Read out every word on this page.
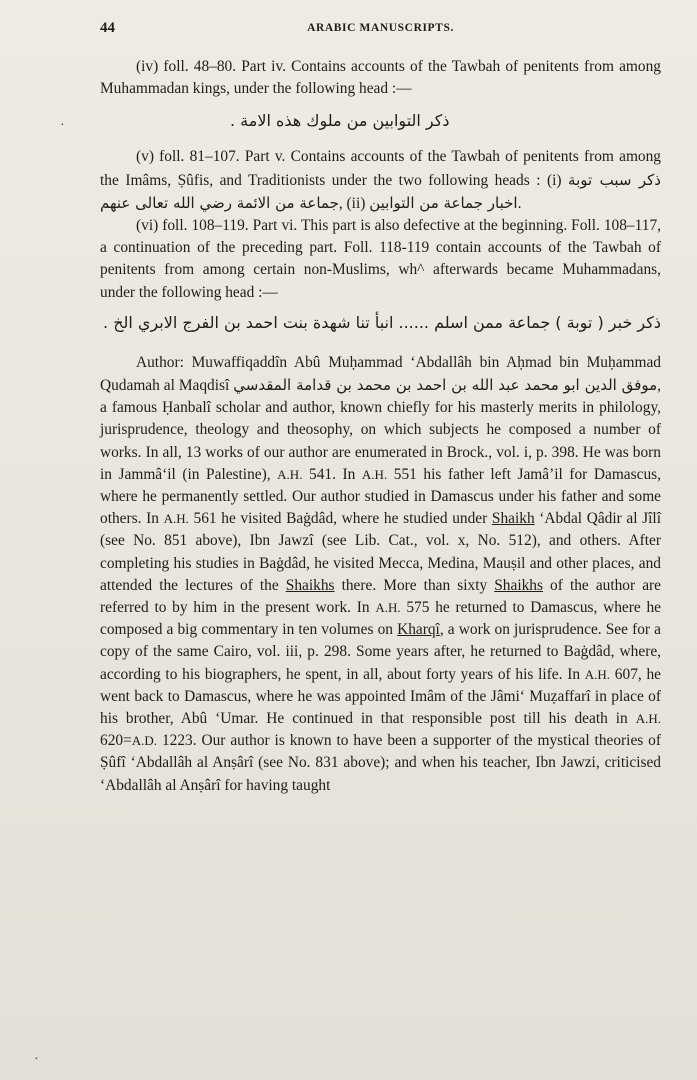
44	ARABIC MANUSCRIPTS.
·
·

(iv) foll. 48–80. Part iv. Contains accounts of the Tawbah of penitents from among Muhammadan kings, under the following head :—

ذكر التوابين من ملوك هذه الامة .

(v) foll. 81–107. Part v. Contains accounts of the Tawbah of penitents from among the Imâms, Ṣûfis, and Traditionists under the two following heads : (i) ذكر سبب توبة جماعة من الائمة رضي الله تعالى عنهم, (ii) اخبار جماعة من التوابين.

(vi) foll. 108–119. Part vi. This part is also defective at the beginning. Foll. 108–117, a continuation of the preceding part. Foll. 118-119 contain accounts of the Tawbah of penitents from among certain non-Muslims, wh^ afterwards became Muhammadans, under the following head :—

ذكر خبر ( توبة ) جماعة ممن اسلم ...... انبأ تنا شهدة بنت احمد بن الفرج الابري الخ .

Author: Muwaffiqaddîn Abû Muḥammad ‘Abdallâh bin Aḥmad bin Muḥammad Qudamah al Maqdisî موفق الدين ابو محمد عبد الله بن احمد بن محمد بن قدامة المقدسي, a famous Ḥanbalî scholar and author, known chiefly for his masterly merits in philology, jurisprudence, theology and theosophy, on which subjects he composed a number of works. In all, 13 works of our author are enumerated in Brock., vol. i, p. 398. He was born in Jammâ‘il (in Palestine), A.H. 541. In A.H. 551 his father left Jamâ’il for Damascus, where he permanently settled. Our author studied in Damascus under his father and some others. In A.H. 561 he visited Baġdâd, where he studied under Shaikh ‘Abdal Qâdir al Jîlî (see No. 851 above), Ibn Jawzî (see Lib. Cat., vol. x, No. 512), and others. After completing his studies in Baġdâd, he visited Mecca, Medina, Mauṣil and other places, and attended the lectures of the Shaikhs there. More than sixty Shaikhs of the author are referred to by him in the present work. In A.H. 575 he returned to Damascus, where he composed a big commentary in ten volumes on Kharqî, a work on jurisprudence. See for a copy of the same Cairo, vol. iii, p. 298. Some years after, he returned to Baġdâd, where, according to his biographers, he spent, in all, about forty years of his life. In A.H. 607, he went back to Damascus, where he was appointed Imâm of the Jâmi‘ Muẓaffarî in place of his brother, Abû ‘Umar. He continued in that responsible post till his death in A.H. 620=A.D. 1223. Our author is known to have been a supporter of the mystical theories of Ṣûfî ‘Abdallâh al Anṣârî (see No. 831 above); and when his teacher, Ibn Jawzi, criticised ‘Abdallâh al Anṣârî for having taught
